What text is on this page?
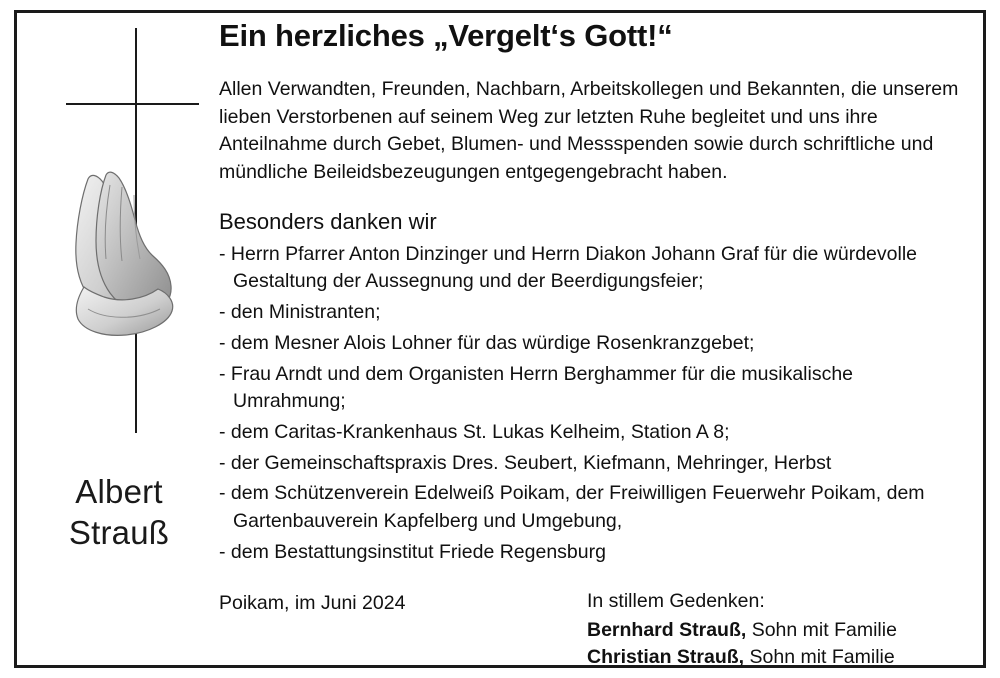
Albert
Strauß
Ein herzliches „Vergelt‘s Gott!“

Allen Verwandten, Freunden, Nachbarn, Arbeitskollegen und Bekannten, die unserem lieben Verstorbenen auf seinem Weg zur letzten Ruhe begleitet und uns ihre Anteilnahme durch Gebet, Blumen- und Messspenden sowie durch schriftliche und mündliche Beileidsbezeugungen entgegengebracht haben.

Besonders danken wir
- Herrn Pfarrer Anton Dinzinger und Herrn Diakon Johann Graf für die würdevolle Gestaltung der Aussegnung und der Beerdigungsfeier;
- den Ministranten;
- dem Mesner Alois Lohner für das würdige Rosenkranzgebet;
- Frau Arndt und dem Organisten Herrn Berghammer für die musikalische Umrahmung;
- dem Caritas-Krankenhaus St. Lukas Kelheim, Station A 8;
- der Gemeinschaftspraxis Dres. Seubert, Kiefmann, Mehringer, Herbst
- dem Schützenverein Edelweiß Poikam, der Freiwilligen Feuerwehr Poikam, dem Gartenbauverein Kapfelberg und Umgebung,
- dem Bestattungsinstitut Friede Regensburg
Poikam, im Juni 2024	In stillem Gedenken:
Bernhard Strauß, Sohn mit Familie
Christian Strauß, Sohn mit Familie
